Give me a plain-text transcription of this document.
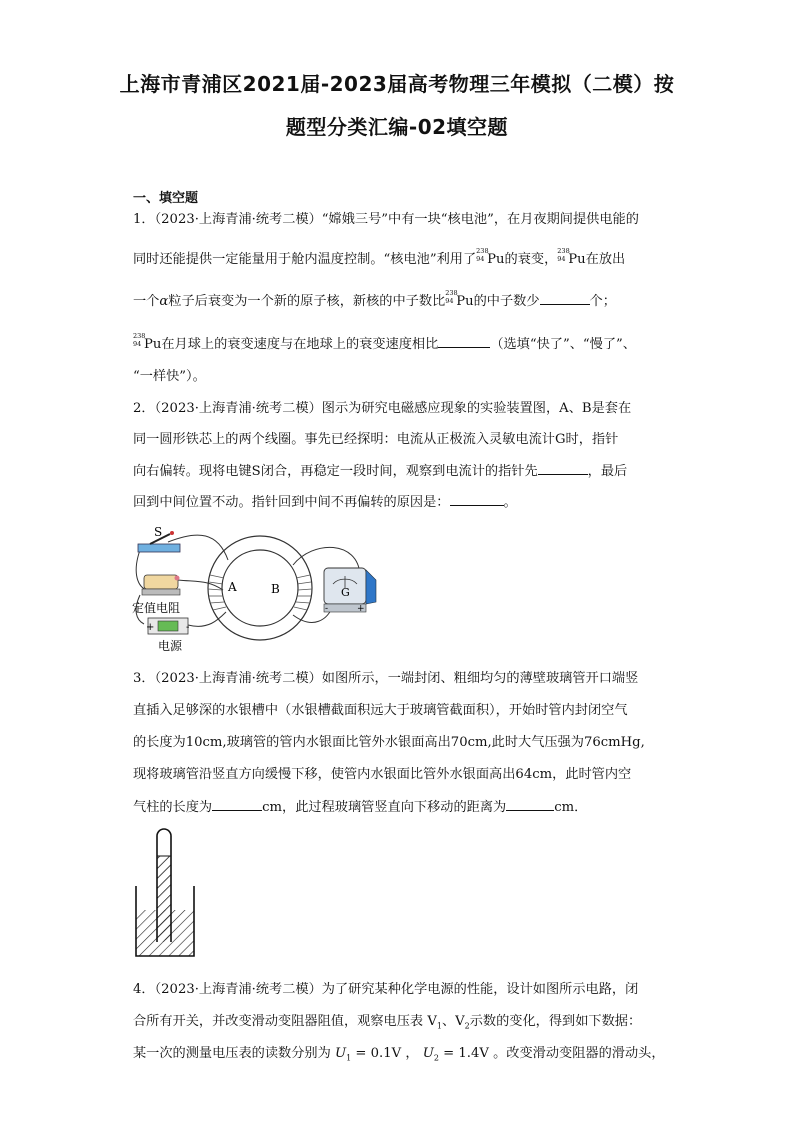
上海市青浦区2021届-2023届高考物理三年模拟（二模）按
题型分类汇编-02填空题
一、填空题
1．（2023·上海青浦·统考二模）“嫦娥三号”中有一块“核电池”，在月夜期间提供电能的
同时还能提供一定能量用于舱内温度控制。“核电池”利用了
238
94 Pu的衰变，
238
94 Pu在放出
一个α粒子后衰变为一个新的原子核，新核的中子数比
238
94 Pu的中子数少	个；
238
94 Pu在月球上的衰变速度与在地球上的衰变速度相比	（选填“快了”、“慢了”、
“一样快”）。
2．（2023·上海青浦·统考二模）图示为研究电磁感应现象的实验装置图，A、B是套在
同一圆形铁芯上的两个线圈。事先已经探明：电流从正极流入灵敏电流计G时，指针
向右偏转。现将电键S闭合，再稳定一段时间，观察到电流计的指针先	，最后
回到中间位置不动。指针回到中间不再偏转的原因是：	。
A	B
S
定值电阻
+	-
电源
G
-	+
3．（2023·上海青浦·统考二模）如图所示，一端封闭、粗细均匀的薄壁玻璃管开口端竖
直插入足够深的水银槽中（水银槽截面积远大于玻璃管截面积），开始时管内封闭空气
的长度为10cm,玻璃管的管内水银面比管外水银面高出70cm,此时大气压强为76cmHg,
现将玻璃管沿竖直方向缓慢下移，使管内水银面比管外水银面高出64cm，此时管内空
气柱的长度为	cm，此过程玻璃管竖直向下移动的距离为	cm．
4．（2023·上海青浦·统考二模）为了研究某种化学电源的性能，设计如图所示电路，闭
合所有开关，并改变滑动变阻器阻值，观察电压表 $V_1$、$V_2$示数的变化，得到如下数据：
某一次的测量电压表的读数分别为 $U_1 = 0.1V$ ， $U_2 = 1.4V$ 。改变滑动变阻器的滑动头，
